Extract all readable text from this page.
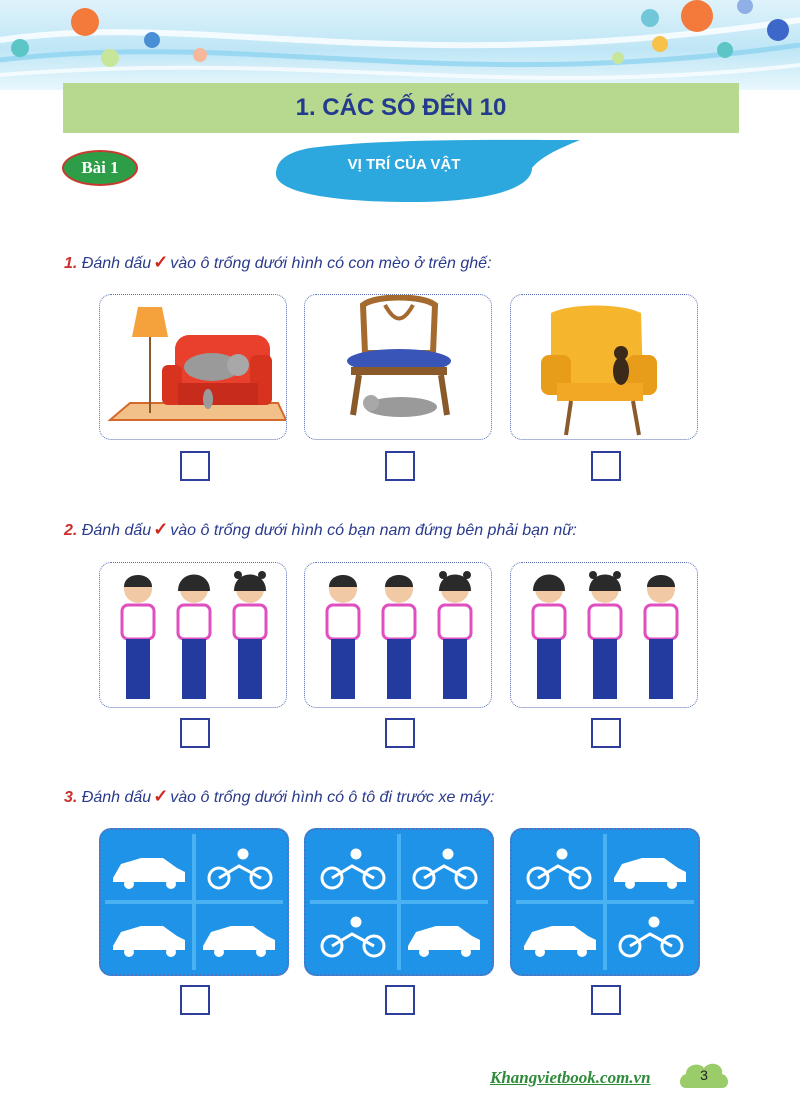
1. CÁC SỐ ĐẾN 10
Bài 1	VỊ TRÍ CỦA VẬT
1. Đánh dấu ✓ vào ô trống dưới hình có con mèo ở trên ghế:
2. Đánh dấu ✓ vào ô trống dưới hình có bạn nam đứng bên phải bạn nữ:
3. Đánh dấu ✓ vào ô trống dưới hình có ô tô đi trước xe máy:
Khangvietbook.com.vn	3
